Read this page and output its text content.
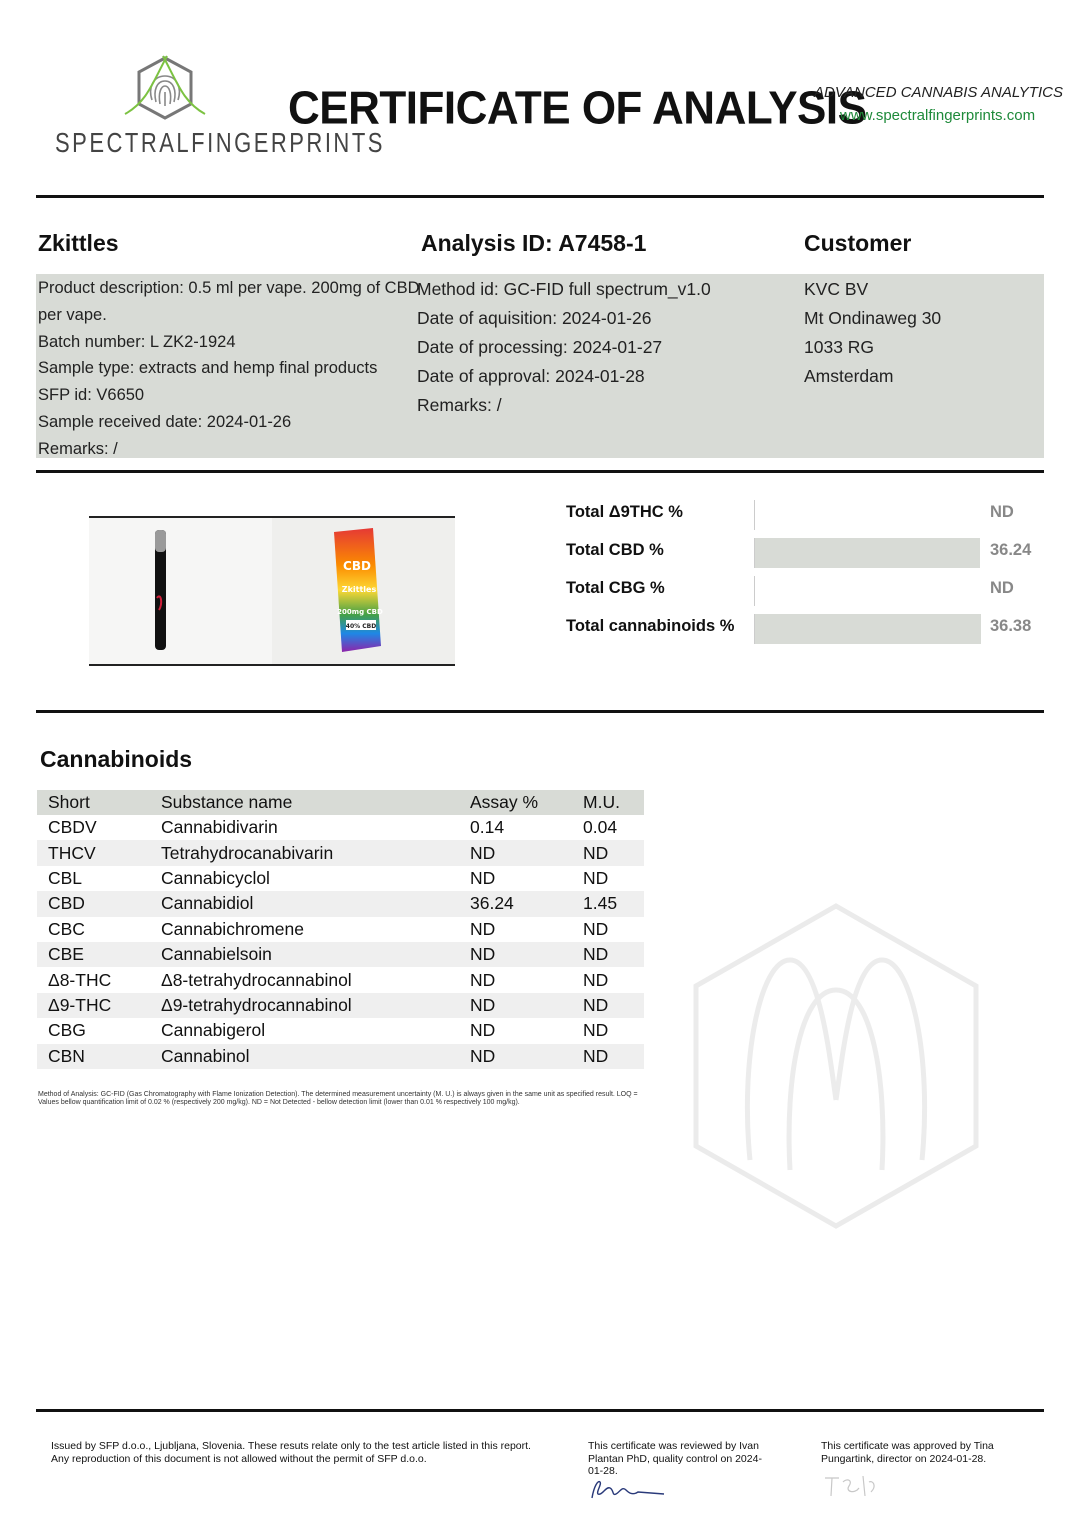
SPECTRALFINGERPRINTS
CERTIFICATE OF ANALYSIS
ADVANCED CANNABIS ANALYTICS
www.spectralfingerprints.com
Zkittles	Analysis ID: A7458-1	Customer
Product description: 0.5 ml per vape. 200mg of CBD
per vape.
Batch number: L ZK2-1924
Sample type: extracts and hemp final products
SFP id: V6650
Sample received date: 2024-01-26
Remarks: /
Method id: GC-FID full spectrum_v1.0
Date of aquisition: 2024-01-26
Date of processing: 2024-01-27
Date of approval: 2024-01-28
Remarks: /
KVC BV
Mt Ondinaweg 30
1033 RG
Amsterdam
CBD
Zkittles
200mg CBD
40% CBD
Total Δ9THC %	ND
Total CBD %	36.24
Total CBG %	ND
Total cannabinoids %	36.38
Cannabinoids
Short	Substance name	Assay %	M.U.
CBDV	Cannabidivarin	0.14	0.04
THCV	Tetrahydrocanabivarin	ND	ND
CBL	Cannabicyclol	ND	ND
CBD	Cannabidiol	36.24	1.45
CBC	Cannabichromene	ND	ND
CBE	Cannabielsoin	ND	ND
Δ8-THC	Δ8-tetrahydrocannabinol	ND	ND
Δ9-THC	Δ9-tetrahydrocannabinol	ND	ND
CBG	Cannabigerol	ND	ND
CBN	Cannabinol	ND	ND
Method of Analysis: GC-FID (Gas Chromatography with Flame Ionization Detection). The determined measurement uncertainty (M. U.) is always given in the same unit as specified result. LOQ = Values bellow quantification limit of 0.02 % (respectively 200 mg/kg). ND = Not Detected - bellow detection limit (lower than 0.01 % respectively 100 mg/kg).
Issued by SFP d.o.o., Ljubljana, Slovenia. These resuts relate only to the test article listed in this report. Any reproduction of this document is not allowed without the permit of SFP d.o.o.
This certificate was reviewed by Ivan Plantan PhD, quality control on 2024-01-28.
This certificate was approved by Tina Pungartink, director on 2024-01-28.
